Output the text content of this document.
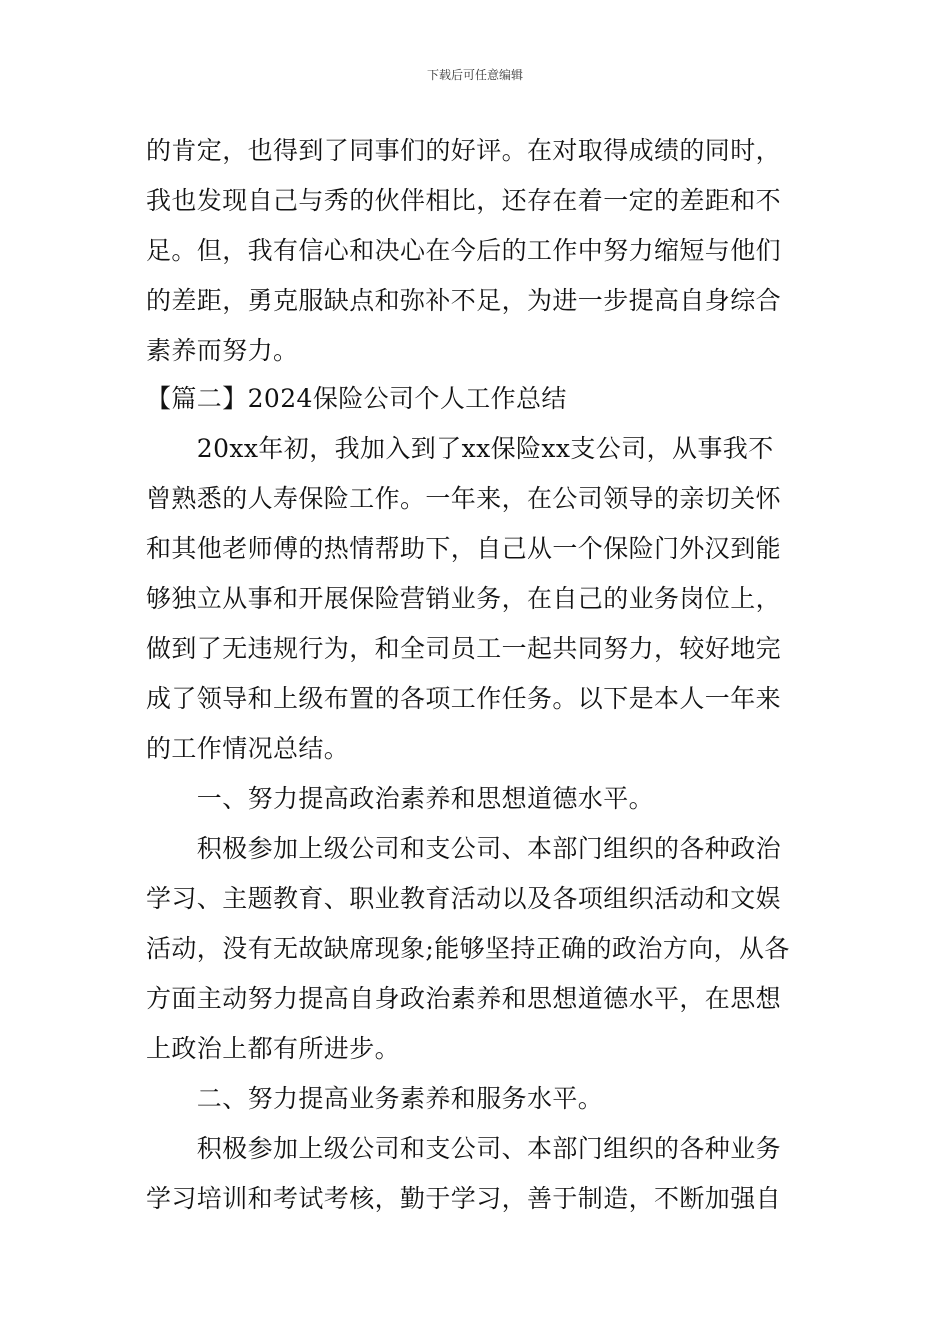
下载后可任意编辑
的肯定，也得到了同事们的好评。在对取得成绩的同时，
我也发现自己与秀的伙伴相比，还存在着一定的差距和不
足。但，我有信心和决心在今后的工作中努力缩短与他们
的差距，勇克服缺点和弥补不足，为进一步提高自身综合
素养而努力。
【篇二】2024保险公司个人工作总结
　　20xx年初，我加入到了xx保险xx支公司，从事我不
曾熟悉的人寿保险工作。一年来，在公司领导的亲切关怀
和其他老师傅的热情帮助下，自己从一个保险门外汉到能
够独立从事和开展保险营销业务，在自己的业务岗位上，
做到了无违规行为，和全司员工一起共同努力，较好地完
成了领导和上级布置的各项工作任务。以下是本人一年来
的工作情况总结。
　　一、努力提高政治素养和思想道德水平。
　　积极参加上级公司和支公司、本部门组织的各种政治
学习、主题教育、职业教育活动以及各项组织活动和文娱
活动，没有无故缺席现象;能够坚持正确的政治方向，从各
方面主动努力提高自身政治素养和思想道德水平，在思想
上政治上都有所进步。
　　二、努力提高业务素养和服务水平。
　　积极参加上级公司和支公司、本部门组织的各种业务
学习培训和考试考核，勤于学习，善于制造，不断加强自
